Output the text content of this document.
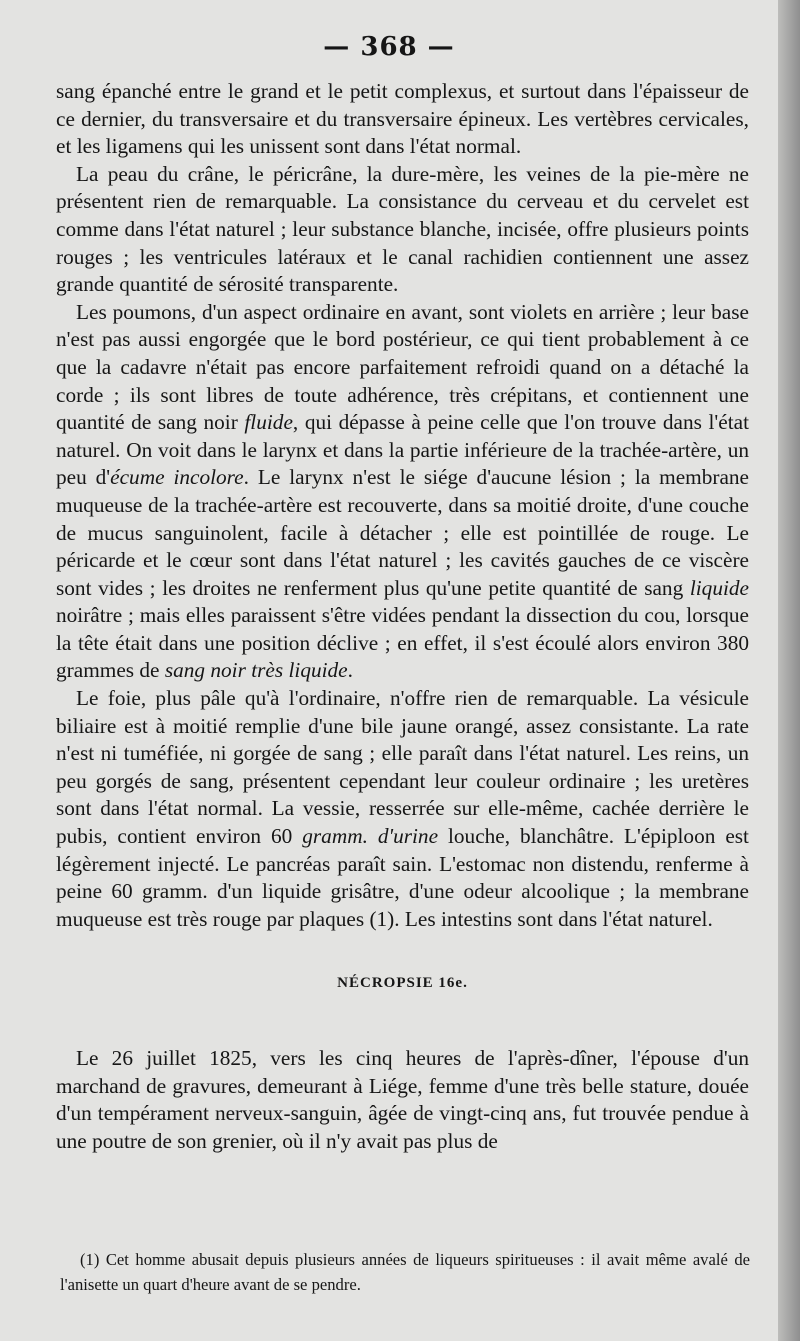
— 368 —

sang épanché entre le grand et le petit complexus, et surtout dans l'épaisseur de ce dernier, du transversaire et du transversaire épineux. Les vertèbres cervicales, et les ligamens qui les unissent sont dans l'état normal.

La peau du crâne, le péricrâne, la dure-mère, les veines de la pie-mère ne présentent rien de remarquable. La consistance du cerveau et du cervelet est comme dans l'état naturel ; leur substance blanche, incisée, offre plusieurs points rouges ; les ventricules latéraux et le canal rachidien contiennent une assez grande quantité de sérosité transparente.

Les poumons, d'un aspect ordinaire en avant, sont violets en arrière ; leur base n'est pas aussi engorgée que le bord postérieur, ce qui tient probablement à ce que la cadavre n'était pas encore parfaitement refroidi quand on a détaché la corde ; ils sont libres de toute adhérence, très crépitans, et contiennent une quantité de sang noir fluide, qui dépasse à peine celle que l'on trouve dans l'état naturel. On voit dans le larynx et dans la partie inférieure de la trachée-artère, un peu d'écume incolore. Le larynx n'est le siége d'aucune lésion ; la membrane muqueuse de la trachée-artère est recouverte, dans sa moitié droite, d'une couche de mucus sanguinolent, facile à détacher ; elle est pointillée de rouge. Le péricarde et le cœur sont dans l'état naturel ; les cavités gauches de ce viscère sont vides ; les droites ne renferment plus qu'une petite quantité de sang liquide noirâtre ; mais elles paraissent s'être vidées pendant la dissection du cou, lorsque la tête était dans une position déclive ; en effet, il s'est écoulé alors environ 380 grammes de sang noir très liquide.

Le foie, plus pâle qu'à l'ordinaire, n'offre rien de remarquable. La vésicule biliaire est à moitié remplie d'une bile jaune orangé, assez consistante. La rate n'est ni tuméfiée, ni gorgée de sang ; elle paraît dans l'état naturel. Les reins, un peu gorgés de sang, présentent cependant leur couleur ordinaire ; les uretères sont dans l'état normal. La vessie, resserrée sur elle-même, cachée derrière le pubis, contient environ 60 gramm. d'urine louche, blanchâtre. L'épiploon est légèrement injecté. Le pancréas paraît sain. L'estomac non distendu, renferme à peine 60 gramm. d'un liquide grisâtre, d'une odeur alcoolique ; la membrane muqueuse est très rouge par plaques (1). Les intestins sont dans l'état naturel.

NÉCROPSIE 16e.

Le 26 juillet 1825, vers les cinq heures de l'après-dîner, l'épouse d'un marchand de gravures, demeurant à Liége, femme d'une très belle stature, douée d'un tempérament nerveux-sanguin, âgée de vingt-cinq ans, fut trouvée pendue à une poutre de son grenier, où il n'y avait pas plus de

(1) Cet homme abusait depuis plusieurs années de liqueurs spiritueuses : il avait même avalé de l'anisette un quart d'heure avant de se pendre.
